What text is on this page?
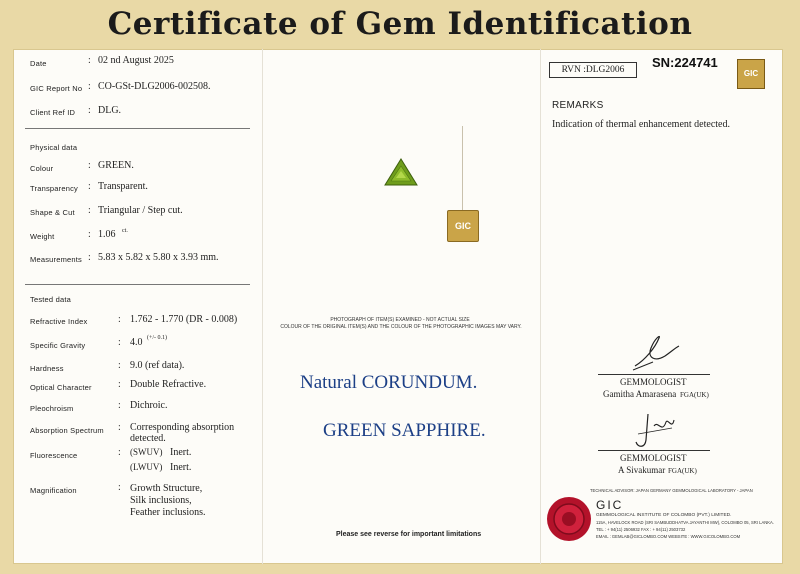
Certificate of Gem Identification
Date	: 02 nd August 2025
GIC Report No : CO-GSt-DLG2006-002508.
Client Ref ID : DLG.
Physical data
Colour	: GREEN.
Transparency : Transparent.
Shape & Cut : Triangular / Step cut.
Weight	: 1.06 ct.
Measurements : 5.83 x 5.82 x 5.80 x 3.93 mm.
Tested data
Refractive Index	: 1.762 - 1.770 (DR - 0.008)
Specific Gravity	: 4.0 (+/- 0.1)
Hardness	: 9.0 (ref data).
Optical Character	: Double Refractive.
Pleochroism	: Dichroic.
Absorption Spectrum : Corresponding absorption
detected.
Fluorescence	: (SWUV) Inert.
(LWUV) Inert.
Magnification	: Growth Structure,
Silk inclusions,
Feather inclusions.
GIC
PHOTOGRAPH OF ITEM(S) EXAMINED - NOT ACTUAL SIZE
COLOUR OF THE ORIGINAL ITEM(S) AND THE COLOUR OF THE PHOTOGRAPHIC IMAGES MAY VARY.
Natural CORUNDUM.
GREEN SAPPHIRE.
Please see reverse for important limitations
RVN :DLG2006	SN:224741
GIC
REMARKS
Indication of thermal enhancement detected.
GEMMOLOGIST
Gamitha Amarasena FGA(UK)
GEMMOLOGIST
A Sivakumar FGA(UK)
TECHNICAL ADVISOR: JAPAN GERMANY GEMMOLOGICAL LABORATORY - JAPAN
GIC
GEMMOLOGICAL INSTITUTE OF COLOMBO (PVT.) LIMITED.
115A, HAVELOCK ROAD (SRI SAMBUDDHATVA JAYANTHI MW), COLOMBO 05, SRI LANKA.
TEL : + 94(11) 2506932 FAX : + 94(11) 2503732
EMAIL : GEMLAB@GICLOMBO.COM WEBSITE : WWW.GICOLOMBO.COM
